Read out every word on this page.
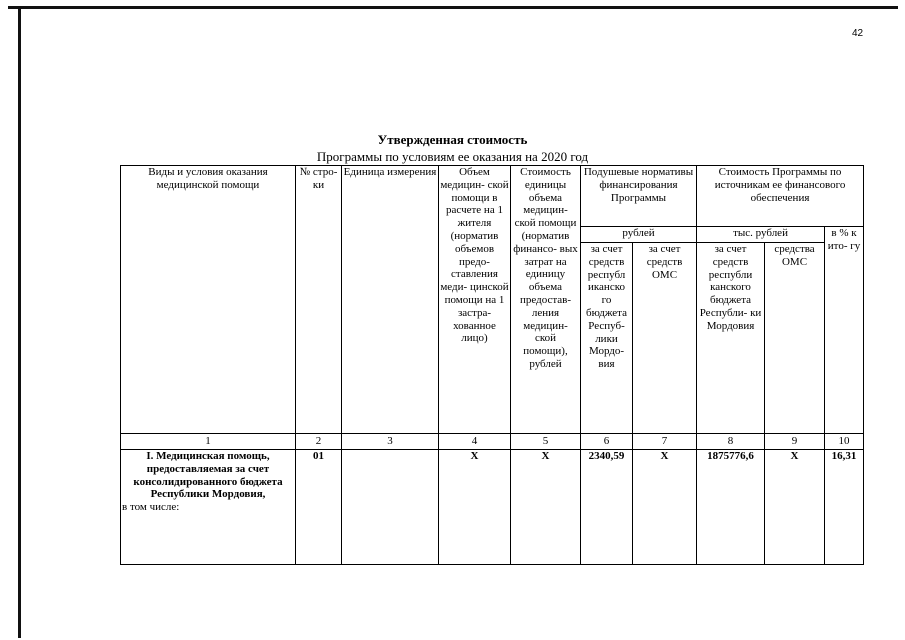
42
Утвержденная стоимость
Программы по условиям ее оказания на 2020 год
Виды и условия оказания медицинской помощи	№ стро- ки	Единица измерения	Объем медицин- ской помощи в расчете на 1 жителя (норматив объемов предо- ставления меди- цинской помощи на 1 застра- хованное лицо)	Стоимость единицы объема медицин- ской помощи (норматив финансо- вых затрат на единицу объема предостав- ления медицин- ской помощи), рублей	Подушевые нормативы финансирования Программы		Стоимость Программы по источникам ее финансового обеспечения		
					рублей		тыс. рублей		в % к ито- гу
					за счет средств республ иканско го бюджета Респуб- лики Мордо- вия	за счет средств ОМС	за счет средств республи канского бюджета Республи- ки Мордовия	средства ОМС	
1	2	3	4	5	6	7	8	9	10

I. Медицинская помощь, предоставляемая за счет консолидированного бюджета Республики Мордовия,
в том числе:	01		Х	Х	2340,59	Х	1875776,6	Х	16,31
